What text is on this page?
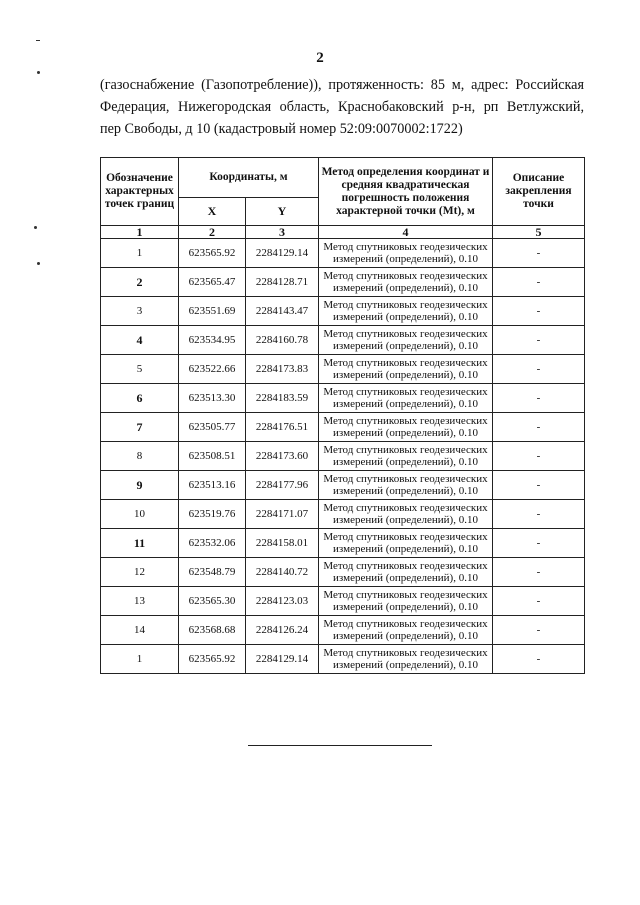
2
(газоснабжение (Газопотребление)), протяженность: 85 м, адрес: Российская
Федерация, Нижегородская область, Краснобаковский р-н, рп Ветлужский,
пер Свободы, д 10 (кадастровый номер 52:09:0070002:1722)
Обозначение характерных точек границ	Координаты, м		Метод определения координат и средняя квадратическая погрешность положения характерной точки (Mt), м	Описание закрепления точки
	X	Y		
1	2	3	4	5
1	623565.92	2284129.14	Метод спутниковых геодезических
измерений (определений), 0.10	-
2	623565.47	2284128.71	Метод спутниковых геодезических
измерений (определений), 0.10	-
3	623551.69	2284143.47	Метод спутниковых геодезических
измерений (определений), 0.10	-
4	623534.95	2284160.78	Метод спутниковых геодезических
измерений (определений), 0.10	-
5	623522.66	2284173.83	Метод спутниковых геодезических
измерений (определений), 0.10	-
6	623513.30	2284183.59	Метод спутниковых геодезических
измерений (определений), 0.10	-
7	623505.77	2284176.51	Метод спутниковых геодезических
измерений (определений), 0.10	-
8	623508.51	2284173.60	Метод спутниковых геодезических
измерений (определений), 0.10	-
9	623513.16	2284177.96	Метод спутниковых геодезических
измерений (определений), 0.10	-
10	623519.76	2284171.07	Метод спутниковых геодезических
измерений (определений), 0.10	-
11	623532.06	2284158.01	Метод спутниковых геодезических
измерений (определений), 0.10	-
12	623548.79	2284140.72	Метод спутниковых геодезических
измерений (определений), 0.10	-
13	623565.30	2284123.03	Метод спутниковых геодезических
измерений (определений), 0.10	-
14	623568.68	2284126.24	Метод спутниковых геодезических
измерений (определений), 0.10	-
1	623565.92	2284129.14	Метод спутниковых геодезических
измерений (определений), 0.10	-
